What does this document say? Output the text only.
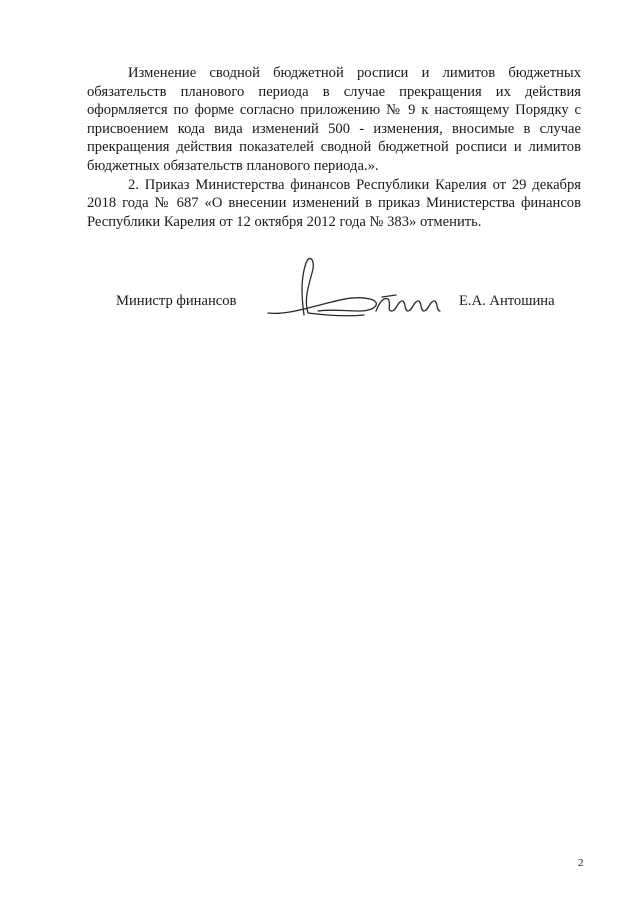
Изменение сводной бюджетной росписи и лимитов бюджетных обязательств планового периода в случае прекращения их действия оформляется по форме согласно приложению № 9 к настоящему Порядку с присвоением кода вида изменений 500 - изменения, вносимые в случае прекращения действия показателей сводной бюджетной росписи и лимитов бюджетных обязательств планового периода.».

2. Приказ Министерства финансов Республики Карелия от 29 декабря 2018 года № 687 «О внесении изменений в приказ Министерства финансов Республики Карелия от 12 октября 2012 года № 383» отменить.

Министр финансов	Е.А. Антошина
2
